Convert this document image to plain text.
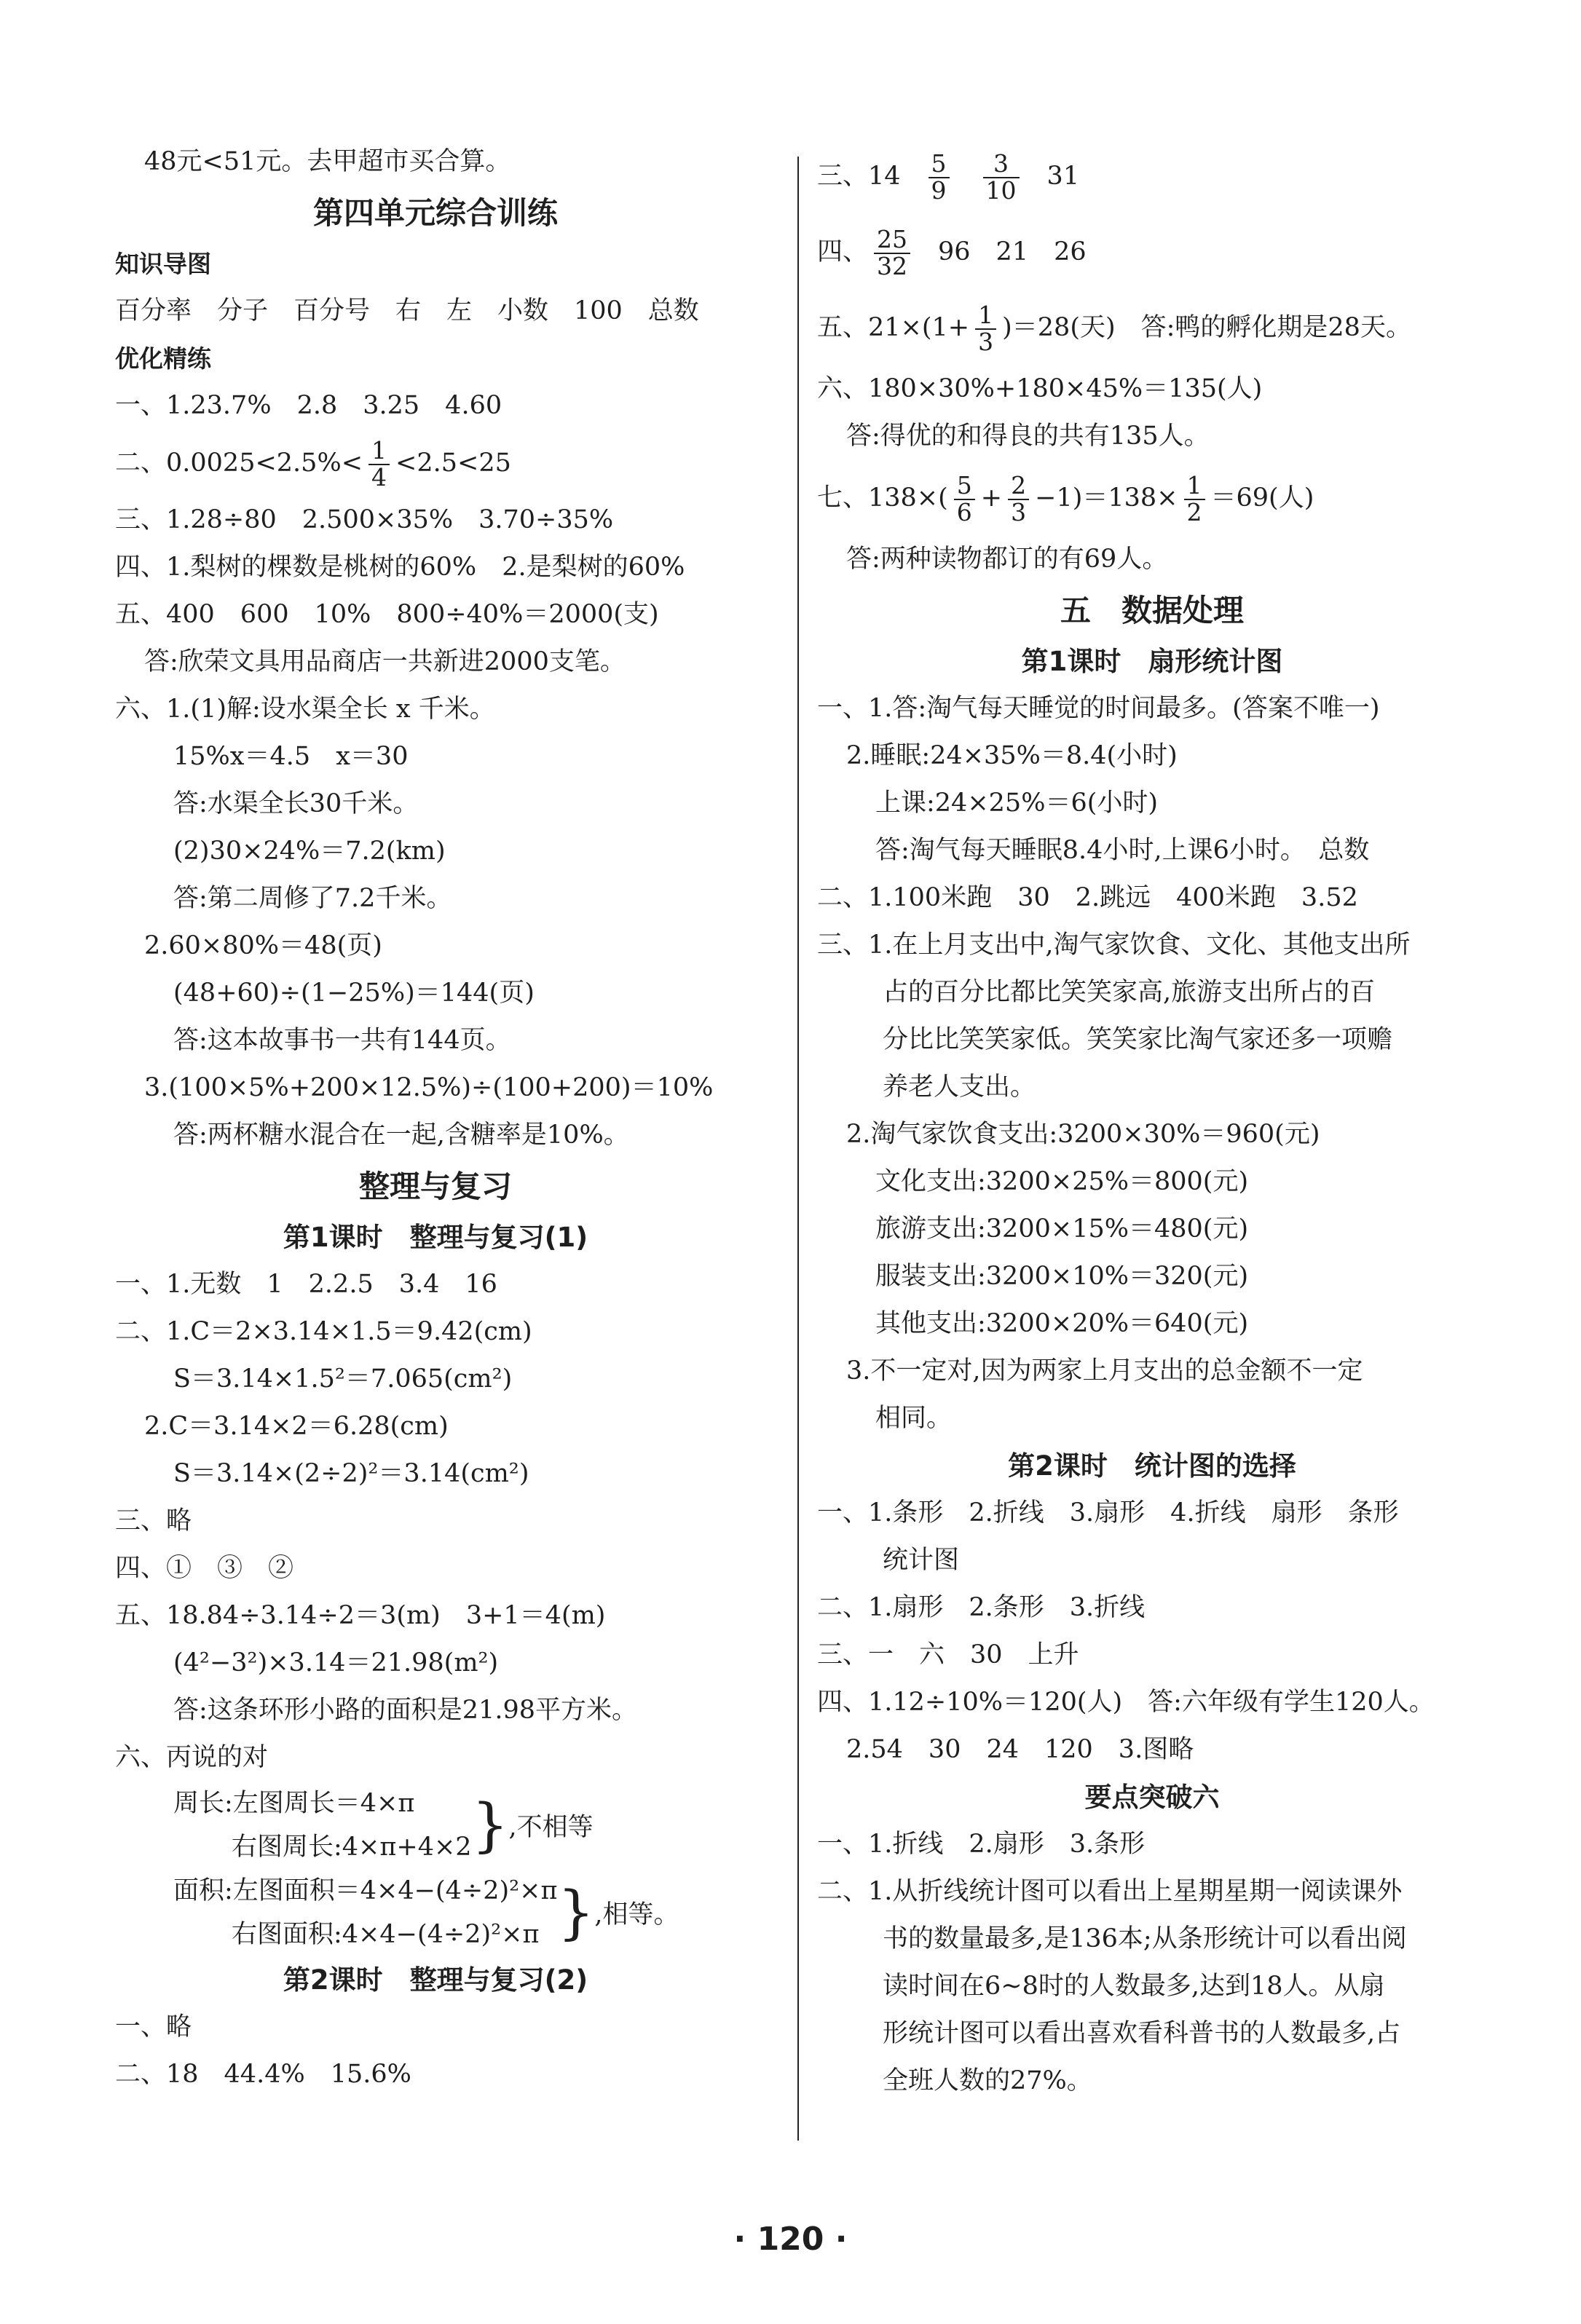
48元<51元。去甲超市买合算。
第四单元综合训练
知识导图
百分率　分子　百分号　右　左　小数　100　总数
优化精练
一、1.23.7%　2.8　3.25　4.60
二、$0.0025<2.5\%< \frac{1}{4} <2.5<25$
三、1.28÷80　2.500×35%　3.70÷35%
四、1.梨树的棵数是桃树的60%　2.是梨树的60%
五、400　600　10%　800÷40%＝2000(支)
答:欣荣文具用品商店一共新进2000支笔。
六、1.(1)解:设水渠全长 x 千米。
15%x＝4.5　x＝30
答:水渠全长30千米。
(2)30×24%＝7.2(km)
答:第二周修了7.2千米。
2.60×80%＝48(页)
(48+60)÷(1−25%)＝144(页)
答:这本故事书一共有144页。
3.(100×5%+200×12.5%)÷(100+200)＝10%
答:两杯糖水混合在一起,含糖率是10%。
整理与复习
第1课时　整理与复习(1)
一、1.无数　1　2.2.5　3.4　16
二、1.C＝2×3.14×1.5＝9.42(cm)
S＝3.14×1.5²＝7.065(cm²)
2.C＝3.14×2＝6.28(cm)
S＝3.14×(2÷2)²＝3.14(cm²)
三、略
四、①　③　②
五、18.84÷3.14÷2＝3(m)　3+1＝4(m)
(4²−3²)×3.14＝21.98(m²)
答:这条环形小路的面积是21.98平方米。
六、丙说的对
周长:左图周长＝4×π
右图周长:4×π+4×2 } ,不相等
面积:左图面积＝4×4−(4÷2)²×π
右图面积:4×4−(4÷2)²×π } ,相等。
第2课时　整理与复习(2)
一、略
二、18　44.4%　15.6%
三、$14 \frac{5}{9} \frac{3}{10} 31$
四、 $\frac{25}{32} 96$　21　26
五、$21\times(1+ \frac{1}{3} )=28$(天)　答:鸭的孵化期是28天。
六、180×30%+180×45%＝135(人)
答:得优的和得良的共有135人。
七、$138\times( \frac{5}{6} + \frac{2}{3} -1)=138\times \frac{1}{2} =69$(人)
答:两种读物都订的有69人。
五　数据处理
第1课时　扇形统计图
一、1.答:淘气每天睡觉的时间最多。(答案不唯一)
2.睡眠:24×35%＝8.4(小时)
上课:24×25%＝6(小时)
答:淘气每天睡眠8.4小时,上课6小时。　总数
二、1.100米跑　30　2.跳远　400米跑　3.52
三、1.在上月支出中,淘气家饮食、文化、其他支出所
占的百分比都比笑笑家高,旅游支出所占的百
分比比笑笑家低。笑笑家比淘气家还多一项赡
养老人支出。
2.淘气家饮食支出:3200×30%＝960(元)
文化支出:3200×25%＝800(元)
旅游支出:3200×15%＝480(元)
服装支出:3200×10%＝320(元)
其他支出:3200×20%＝640(元)
3.不一定对,因为两家上月支出的总金额不一定
相同。
第2课时　统计图的选择
一、1.条形　2.折线　3.扇形　4.折线　扇形　条形
统计图
二、1.扇形　2.条形　3.折线
三、一　六　30　上升
四、1.12÷10%＝120(人)　答:六年级有学生120人。
2.54　30　24　120　3.图略
要点突破六
一、1.折线　2.扇形　3.条形
二、1.从折线统计图可以看出上星期星期一阅读课外
书的数量最多,是136本;从条形统计可以看出阅
读时间在6~8时的人数最多,达到18人。从扇
形统计图可以看出喜欢看科普书的人数最多,占
全班人数的27%。
· 120 ·
